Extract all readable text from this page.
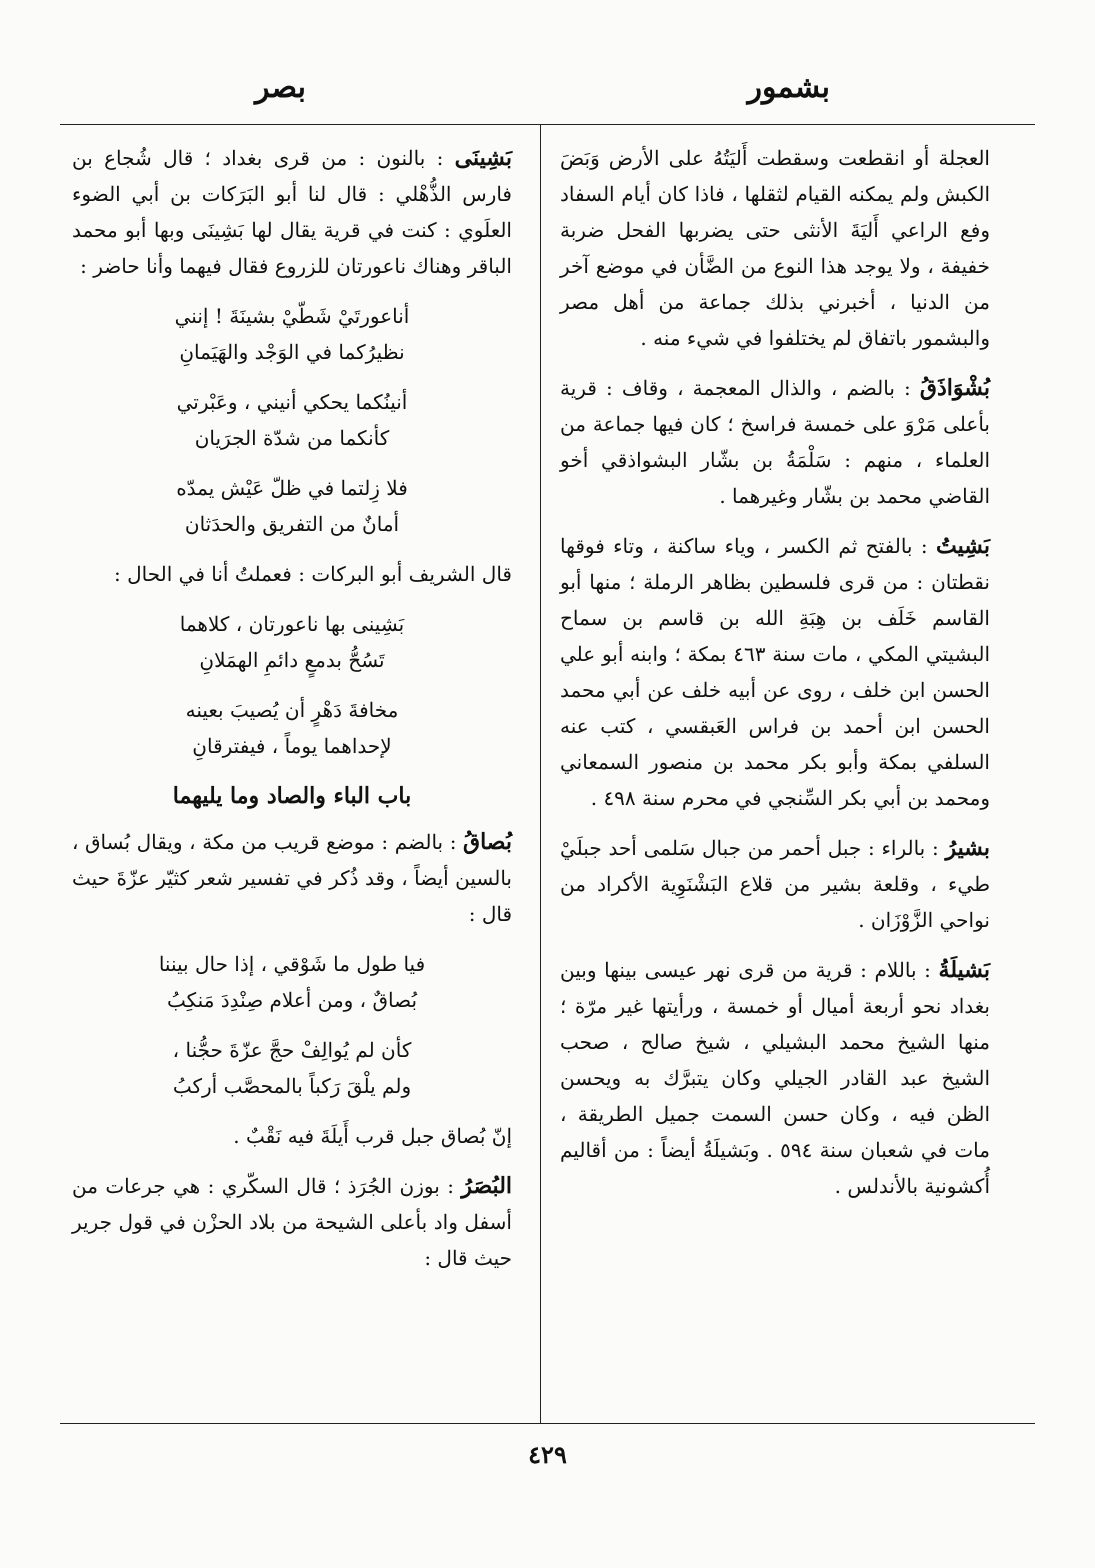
بشمور
بصر

العجلة أو انقطعت وسقطت أَليَتُهُ على الأرض وَبَضَ الكبش ولم يمكنه القيام لثقلها ، فاذا كان أيام السفاد وفع الراعي أَليَةَ الأنثى حتى يضربها الفحل ضربة خفيفة ، ولا يوجد هذا النوع من الضَّأن في موضع آخر من الدنيا ، أخبرني بذلك جماعة من أهل مصر والبشمور باتفاق لم يختلفوا في شيء منه .

بُشْوَاذَقُ : بالضم ، والذال المعجمة ، وقاف : قرية بأعلى مَرْوَ على خمسة فراسخ ؛ كان فيها جماعة من العلماء ، منهم : سَلْمَةُ بن بشّار البشواذقي أخو القاضي محمد بن بشّار وغيرهما .

بَشِيتُ : بالفتح ثم الكسر ، وياء ساكنة ، وتاء فوقها نقطتان : من قرى فلسطين بظاهر الرملة ؛ منها أبو القاسم خَلَف بن هِبَةِ الله بن قاسم بن سماح البشيتي المكي ، مات سنة ٤٦٣ بمكة ؛ وابنه أبو علي الحسن ابن خلف ، روى عن أبيه خلف عن أبي محمد الحسن ابن أحمد بن فراس العَبقسي ، كتب عنه السلفي بمكة وأبو بكر محمد بن منصور السمعاني ومحمد بن أبي بكر السِّنجي في محرم سنة ٤٩٨ .

بشيرُ : بالراء : جبل أحمر من جبال سَلمى أحد جبلَيْ طيء ، وقلعة بشير من قلاع البَشْنَوِية الأكراد من نواحي الزَّوْزَان .

بَشيلَةُ : باللام : قرية من قرى نهر عيسى بينها وبين بغداد نحو أربعة أميال أو خمسة ، ورأيتها غير مرّة ؛ منها الشيخ محمد البشيلي ، شيخ صالح ، صحب الشيخ عبد القادر الجيلي وكان يتبرَّك به ويحسن الظن فيه ، وكان حسن السمت جميل الطريقة ، مات في شعبان سنة ٥٩٤ . وبَشيلَةُ أيضاً : من أقاليم أُكشونية بالأندلس .

بَشِينَى : بالنون : من قرى بغداد ؛ قال شُجاع بن فارس الذُّهْلي : قال لنا أبو البَرَكات بن أبي الضوء العلَوي : كنت في قرية يقال لها بَشِينَى وبها أبو محمد الباقر وهناك ناعورتان للزروع فقال فيهما وأنا حاضر :

أناعورتَيْ شَطّيْ بشينَةَ ! إنني
نظيرُكما في الوَجْد والهَيَمانِ
أنينُكما يحكي أنيني ، وعَبْرتي
كأنكما من شدّة الجرَيان
فلا زِلتما في ظلّ عَيْش يمدّه
أمانٌ من التفريق والحدَثان

قال الشريف أبو البركات : فعملتُ أنا في الحال :

بَشِينى بها ناعورتان ، كلاهما
تَسُحُّ بدمعٍ دائمِ الهمَلانِ
مخافةَ دَهْرٍ أن يُصيبَ بعينه
لإحداهما يوماً ، فيفترقانِ
باب الباء والصاد وما يليهما

بُصاقُ : بالضم : موضع قريب من مكة ، ويقال بُساق ، بالسين أيضاً ، وقد ذُكر في تفسير شعر كثيّر عزّةَ حيث قال :

فيا طول ما شَوْقي ، إذا حال بيننا
بُصاقٌ ، ومن أعلام صِنْدِدَ مَنكِبُ
كأن لم يُوالِفْ حجَّ عزّةَ حجُّنا ،
ولم يلْقَ رَكباً بالمحصَّب أركبُ

إنّ بُصاق جبل قرب أَيلَةَ فيه نَقْبٌ .

البُصَرُ : بوزن الجُرَذ ؛ قال السكّري : هي جرعات من أسفل واد بأعلى الشيحة من بلاد الحزْن في قول جرير حيث قال :

٤٢٩
